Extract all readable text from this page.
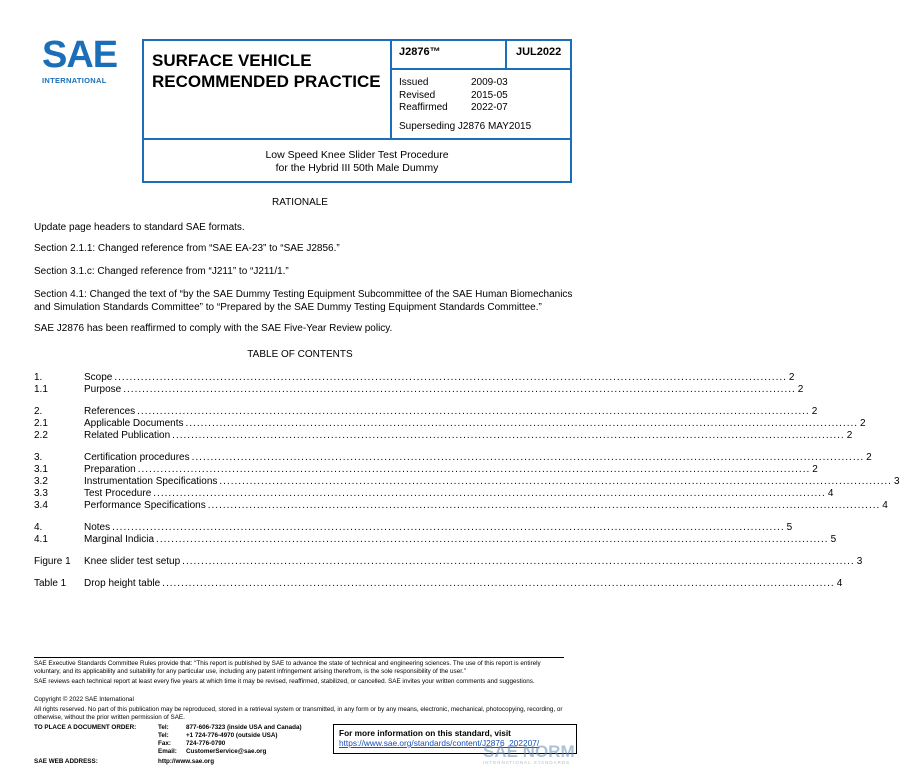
SAE
INTERNATIONAL
SURFACE VEHICLE
RECOMMENDED PRACTICE
J2876™	JUL2022
Issued	2009-03
Revised	2015-05
Reaffirmed	2022-07
Superseding J2876 MAY2015
Low Speed Knee Slider Test Procedure
for the Hybrid III 50th Male Dummy
RATIONALE
Update page headers to standard SAE formats.
Section 2.1.1: Changed reference from “SAE EA-23” to “SAE J2856.”
Section 3.1.c: Changed reference from “J211” to “J211/1.”
Section 4.1: Changed the text of “by the SAE Dummy Testing Equipment Subcommittee of the SAE Human Biomechanics and Simulation Standards Committee” to “Prepared by the SAE Dummy Testing Equipment Standards Committee.”
SAE J2876 has been reaffirmed to comply with the SAE Five-Year Review policy.
TABLE OF CONTENTS
1.	Scope .................................................................................................................................................................................. 2
1.1	Purpose .................................................................................................................................................................................. 2
2.	References .................................................................................................................................................................................. 2
2.1	Applicable Documents .................................................................................................................................................................................. 2
2.2	Related Publication .................................................................................................................................................................................. 2
3.	Certification procedures .................................................................................................................................................................................. 2
3.1	Preparation .................................................................................................................................................................................. 2
3.2	Instrumentation Specifications .................................................................................................................................................................................. 3
3.3	Test Procedure .................................................................................................................................................................................. 4
3.4	Performance Specifications .................................................................................................................................................................................. 4
4.	Notes .................................................................................................................................................................................. 5
4.1	Marginal Indicia .................................................................................................................................................................................. 5
Figure 1	Knee slider test setup .................................................................................................................................................................................. 3
Table 1	Drop height table .................................................................................................................................................................................. 4
SAE Executive Standards Committee Rules provide that: “This report is published by SAE to advance the state of technical and engineering sciences. The use of this report is entirely voluntary, and its applicability and suitability for any particular use, including any patent infringement arising therefrom, is the sole responsibility of the user.”
SAE reviews each technical report at least every five years at which time it may be revised, reaffirmed, stabilized, or cancelled. SAE invites your written comments and suggestions.
Copyright © 2022 SAE International
All rights reserved. No part of this publication may be reproduced, stored in a retrieval system or transmitted, in any form or by any means, electronic, mechanical, photocopying, recording, or otherwise, without the prior written permission of SAE.
TO PLACE A DOCUMENT ORDER:	Tel:	877-606-7323 (inside USA and Canada)
Tel:	+1 724-776-4970 (outside USA)
Fax:	724-776-0790
Email:	CustomerService@sae.org
SAE WEB ADDRESS:	http://www.sae.org
For more information on this standard, visit
https://www.sae.org/standards/content/J2876_202207/
SAE NORM
INTERNATIONAL STANDARDS
